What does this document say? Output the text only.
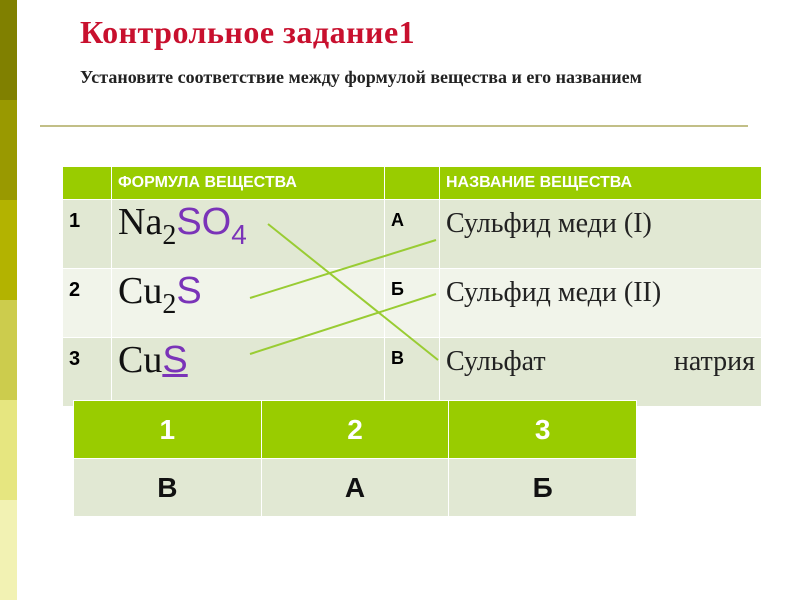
Контрольное задание1

Установите соответствие между формулой вещества и его названием

	ФОРМУЛА ВЕЩЕСТВА		НАЗВАНИЕ ВЕЩЕСТВА
1	$Na_2SO_4$	А	Сульфид меди (I)
2	$Cu_2S$	Б	Сульфид меди (II)
3	CuS	В	Сульфат натрия
1	2	3
В	А	Б
